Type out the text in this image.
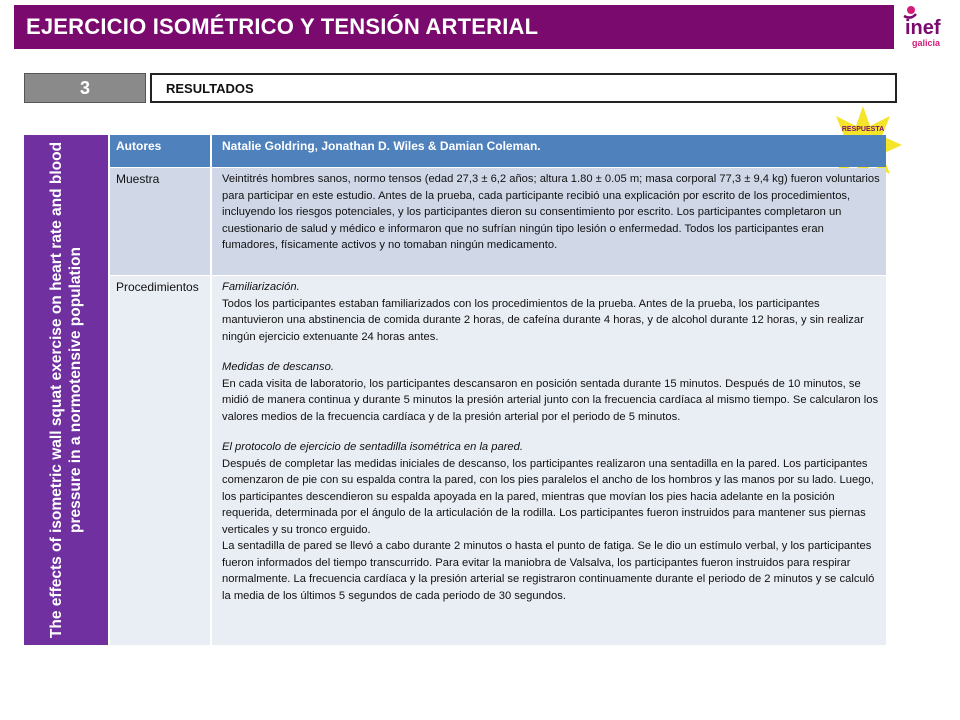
EJERCICIO ISOMÉTRICO Y TENSIÓN ARTERIAL	inef
galicia
3	RESULTADOS
RESPUESTA
The effects of isometric wall squat exercise on heart rate and blood pressure in a normotensive population
Autores	Natalie Goldring, Jonathan D. Wiles & Damian Coleman.
Muestra	Veintitrés hombres sanos, normo tensos (edad 27,3 ± 6,2 años; altura 1.80 ± 0.05 m; masa corporal 77,3 ± 9,4 kg) fueron voluntarios para participar en este estudio. Antes de la prueba, cada participante recibió una explicación por escrito de los procedimientos, incluyendo los riesgos potenciales, y los participantes dieron su consentimiento por escrito. Los participantes completaron un cuestionario de salud y médico e informaron que no sufrían ningún tipo lesión o enfermedad. Todos los participantes eran fumadores, físicamente activos y no tomaban ningún medicamento.
Procedimientos	Familiarización.

Todos los participantes estaban familiarizados con los procedimientos de la prueba. Antes de la prueba, los participantes mantuvieron una abstinencia de comida durante 2 horas, de cafeína durante 4 horas, y de alcohol durante 12 horas, y sin realizar ningún ejercicio extenuante 24 horas antes.

Medidas de descanso.

En cada visita de laboratorio, los participantes descansaron en posición sentada durante 15 minutos. Después de 10 minutos, se midió de manera continua y durante 5 minutos la presión arterial junto con la frecuencia cardíaca al mismo tiempo. Se calcularon los valores medios de la frecuencia cardíaca y de la presión arterial por el periodo de 5 minutos.

El protocolo de ejercicio de sentadilla isométrica en la pared.

Después de completar las medidas iniciales de descanso, los participantes realizaron una sentadilla en la pared. Los participantes comenzaron de pie con su espalda contra la pared, con los pies paralelos el ancho de los hombros y las manos por su lado. Luego, los participantes descendieron su espalda apoyada en la pared, mientras que movían los pies hacia adelante en la posición requerida, determinada por el ángulo de la articulación de la rodilla. Los participantes fueron instruidos para mantener sus piernas verticales y su tronco erguido.

La sentadilla de pared se llevó a cabo durante 2 minutos o hasta el punto de fatiga. Se le dio un estímulo verbal, y los participantes fueron informados del tiempo transcurrido. Para evitar la maniobra de Valsalva, los participantes fueron instruidos para respirar normalmente. La frecuencia cardíaca y la presión arterial se registraron continuamente durante el periodo de 2 minutos y se calculó la media de los últimos 5 segundos de cada periodo de 30 segundos.
